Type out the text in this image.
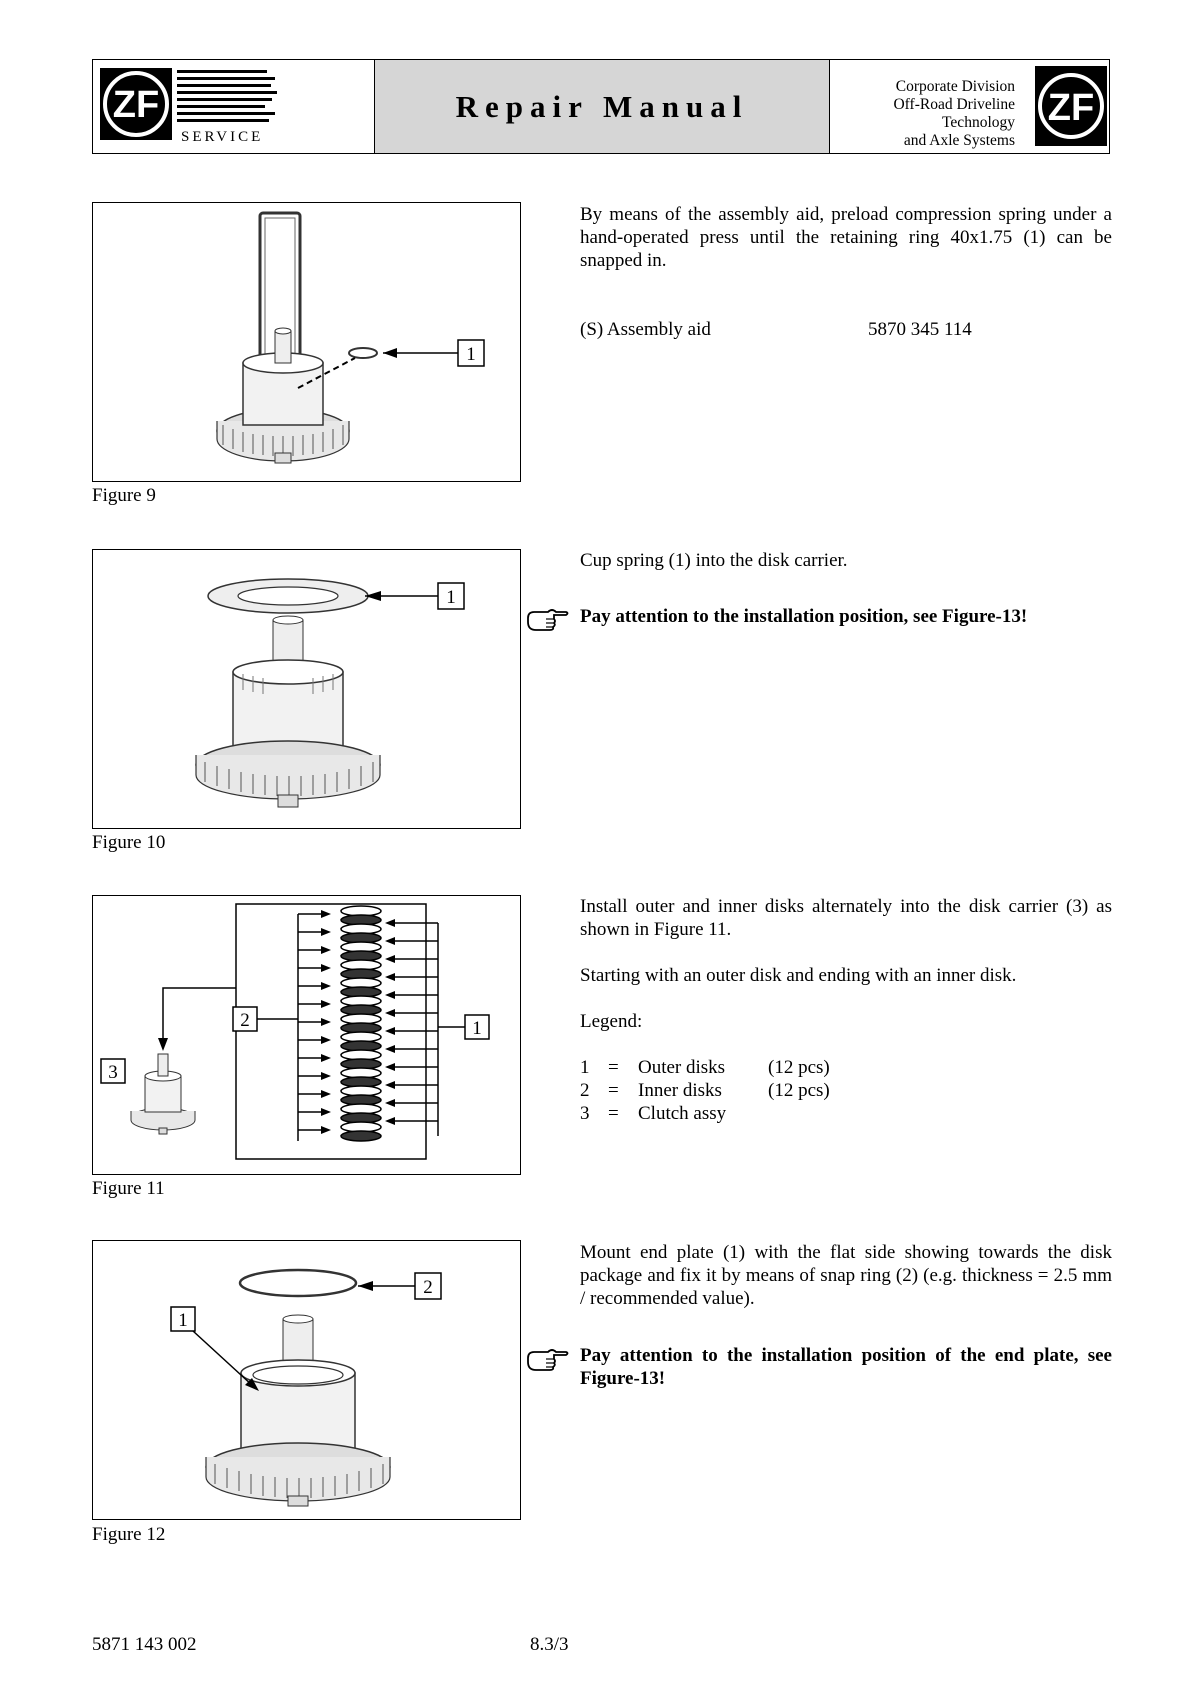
ZF
SERVICE
Repair Manual
Corporate Division
Off-Road Driveline
Technology
and Axle Systems
ZF
1
Figure 9
By means of the assembly aid, preload compression spring under a hand-operated press until the retaining ring 40x1.75 (1) can be snapped in.
(S) Assembly aid	5870 345 114
1
Figure 10
Cup spring (1) into the disk carrier.
Pay attention to the installation position, see Figure-13!
3
2	1
Figure 11
Install outer and inner disks alternately into the disk carrier (3) as shown in Figure 11.
Starting with an outer disk and ending with an inner disk.
Legend:
1 =	Outer disks	(12 pcs)
2 =	Inner disks	(12 pcs)
3 =	Clutch assy
2
1
Figure 12
Mount end plate (1) with the flat side showing towards the disk package and fix it by means of snap ring (2) (e.g. thickness = 2.5 mm / recommended value).
Pay attention to the installation position of the end plate, see Figure-13!
5871 143 002	8.3/3
